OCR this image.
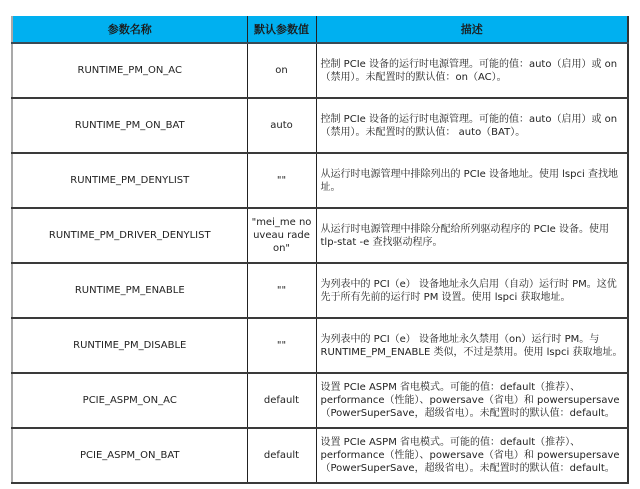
参数名称	默认参数值	描述
RUNTIME_PM_ON_AC	on	控制 PCIe 设备的运行时电源管理。可能的值：auto（启用）或 on（禁用）。未配置时的默认值：on（AC）。
RUNTIME_PM_ON_BAT	auto	控制 PCIe 设备的运行时电源管理。可能的值：auto（启用）或 on（禁用）。未配置时的默认值： auto（BAT）。
RUNTIME_PM_DENYLIST	""	从运行时电源管理中排除列出的 PCIe 设备地址。使用 lspci 查找地址。
RUNTIME_PM_DRIVER_DENYLIST	"mei_me nouveau radeon"	从运行时电源管理中排除分配给所列驱动程序的 PCIe 设备。使用 tlp-stat -e 查找驱动程序。
RUNTIME_PM_ENABLE	""	为列表中的 PCI（e） 设备地址永久启用（自动）运行时 PM。这优先于所有先前的运行时 PM 设置。使用 lspci 获取地址。
RUNTIME_PM_DISABLE	""	为列表中的 PCI（e） 设备地址永久禁用（on）运行时 PM。与 RUNTIME_PM_ENABLE 类似，不过是禁用。使用 lspci 获取地址。
PCIE_ASPM_ON_AC	default	设置 PCIe ASPM 省电模式。可能的值：default（推荐）、performance（性能）、powersave（省电）和 powersupersave（PowerSuperSave，超级省电）。未配置时的默认值：default。
PCIE_ASPM_ON_BAT	default	设置 PCIe ASPM 省电模式。可能的值：default（推荐）、performance（性能）、powersave（省电）和 powersupersave（PowerSuperSave，超级省电）。未配置时的默认值：default。
